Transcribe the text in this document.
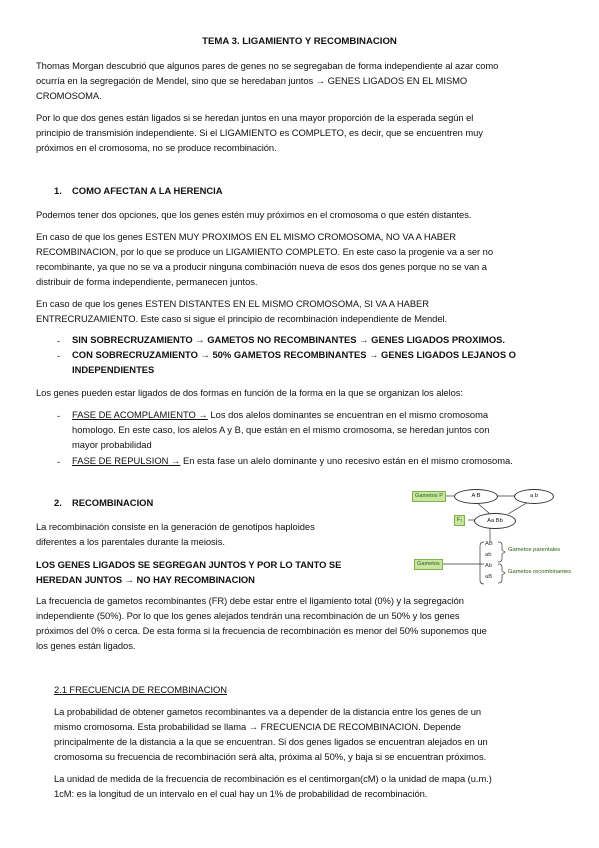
TEMA 3. LIGAMIENTO Y RECOMBINACION
Thomas Morgan descubrió que algunos pares de genes no se segregaban de forma independiente al azar como
ocurría en la segregación de Mendel, sino que se heredaban juntos → GENES LIGADOS EN EL MISMO
CROMOSOMA.
Por lo que dos genes están ligados si se heredan juntos en una mayor proporción de la esperada según el
principio de transmisión independiente. Si el LIGAMIENTO es COMPLETO, es decir, que se encuentren muy
próximos en el cromosoma, no se produce recombinación.
1. COMO AFECTAN A LA HERENCIA
Podemos tener dos opciones, que los genes estén muy próximos en el cromosoma o que estén distantes.
En caso de que los genes ESTEN MUY PROXIMOS EN EL MISMO CROMOSOMA, NO VA A HABER
RECOMBINACION, por lo que se produce un LIGAMIENTO COMPLETO. En este caso la progenie va a ser no
recombinante, ya que no se va a producir ninguna combinación nueva de esos dos genes porque no se van a
distribuir de forma independiente, permanecen juntos.
En caso de que los genes ESTEN DISTANTES EN EL MISMO CROMOSOMA, SI VA A HABER
ENTRECRUZAMIENTO. Este caso si sigue el principio de recombinación independiente de Mendel.
- SIN SOBRECRUZAMIENTO → GAMETOS NO RECOMBINANTES → GENES LIGADOS PROXIMOS.
- CON SOBRECRUZAMIENTO → 50% GAMETOS RECOMBINANTES → GENES LIGADOS LEJANOS O
INDEPENDIENTES
Los genes pueden estar ligados de dos formas en función de la forma en la que se organizan los alelos:
- FASE DE ACOMPLAMIENTO → Los dos alelos dominantes se encuentran en el mismo cromosoma
homologo. En este caso, los alelos A y B, que están en el mismo cromosoma, se heredan juntos con
mayor probabilidad
- FASE DE REPULSION → En esta fase un alelo dominante y uno recesivo están en el mismo cromosoma.
2. RECOMBINACION
La recombinación consiste en la generación de genotipos haploides
diferentes a los parentales durante la meiosis.
LOS GENES LIGADOS SE SEGREGAN JUNTOS Y POR LO TANTO SE
HEREDAN JUNTOS → NO HAY RECOMBINACION
La frecuencia de gametos recombinantes (FR) debe estar entre el ligamiento total (0%) y la segregación
independiente (50%). Por lo que los genes alejados tendrán una recombinación de un 50% y los genes
próximos del 0% o cerca. De esta forma si la frecuencia de recombinación es menor del 50% suponemos que
los genes están ligados.
Gametos P	A B	a b
F₁	Aa Bb
Gametos
AB
ab
Ab
aB
Gametos parentales
Gametos recombinantes
2.1 FRECUENCIA DE RECOMBINACION
La probabilidad de obtener gametos recombinantes va a depender de la distancia entre los genes de un
mismo cromosoma. Esta probabilidad se llama → FRECUENCIA DE RECOMBINACION. Depende
principalmente de la distancia a la que se encuentran. Si dos genes ligados se encuentran alejados en un
cromosoma su frecuencia de recombinación será alta, próxima al 50%, y baja si se encuentran próximos.
La unidad de medida de la frecuencia de recombinación es el centimorgan(cM) o la unidad de mapa (u.m.)
1cM: es la longitud de un intervalo en el cual hay un 1% de probabilidad de recombinación.
